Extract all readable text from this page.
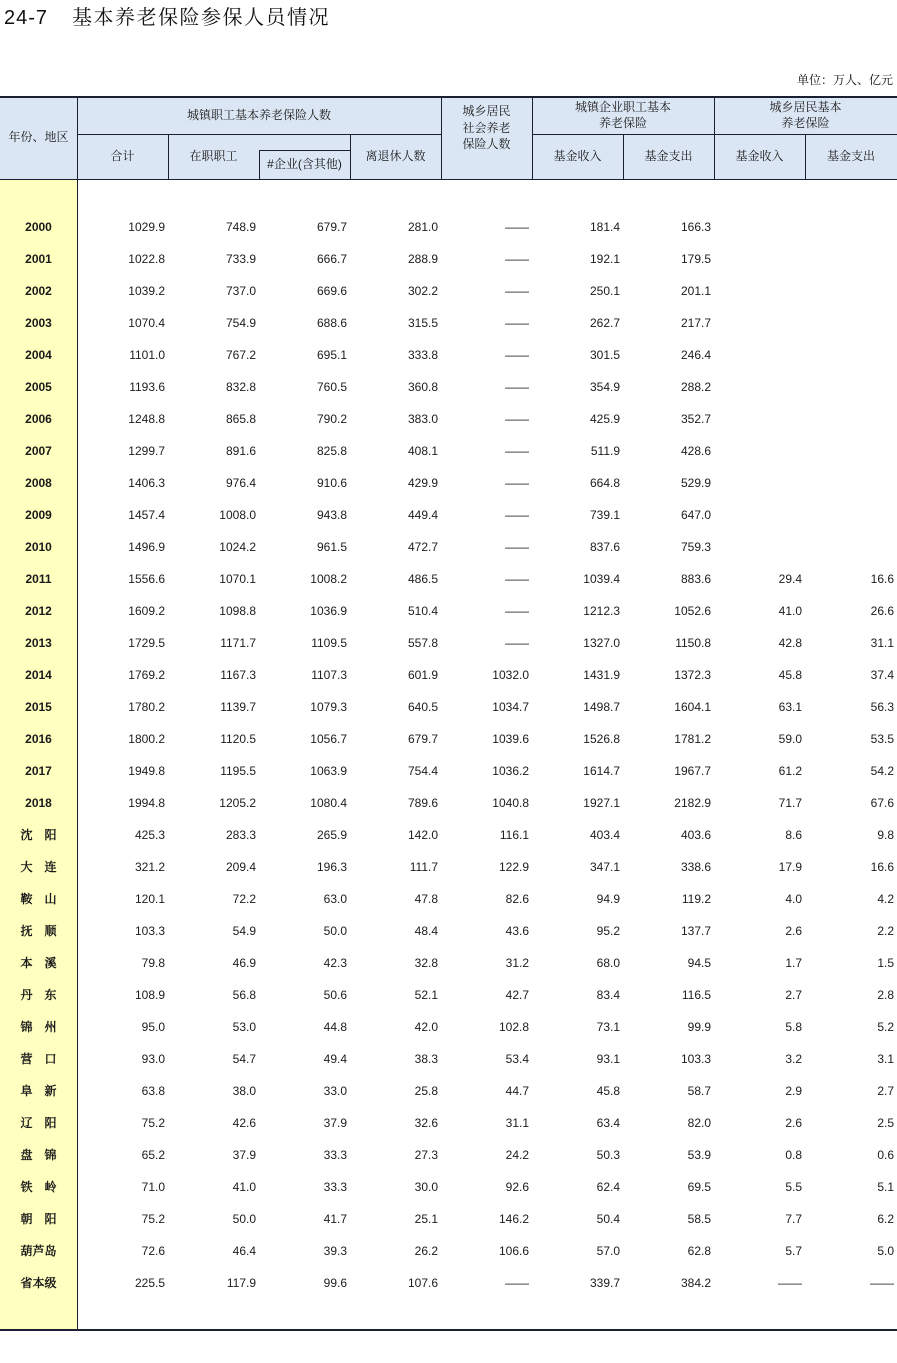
24-7 基本养老保险参保人员情况
单位：万人、亿元
年份、地区
城镇职工基本养老保险人数
合计	在职职工
#企业(含其他)
离退休人数
城乡居民
社会养老
保险人数
城镇企业职工基本
养老保险
基金收入	基金支出
城乡居民基本
养老保险
基金收入	基金支出
2000	1029.9	748.9	679.7	281.0	——	181.4	166.3
2001	1022.8	733.9	666.7	288.9	——	192.1	179.5
2002	1039.2	737.0	669.6	302.2	——	250.1	201.1
2003	1070.4	754.9	688.6	315.5	——	262.7	217.7
2004	1101.0	767.2	695.1	333.8	——	301.5	246.4
2005	1193.6	832.8	760.5	360.8	——	354.9	288.2
2006	1248.8	865.8	790.2	383.0	——	425.9	352.7
2007	1299.7	891.6	825.8	408.1	——	511.9	428.6
2008	1406.3	976.4	910.6	429.9	——	664.8	529.9
2009	1457.4	1008.0	943.8	449.4	——	739.1	647.0
2010	1496.9	1024.2	961.5	472.7	——	837.6	759.3
2011	1556.6	1070.1	1008.2	486.5	——	1039.4	883.6	29.4	16.6
2012	1609.2	1098.8	1036.9	510.4	——	1212.3	1052.6	41.0	26.6
2013	1729.5	1171.7	1109.5	557.8	——	1327.0	1150.8	42.8	31.1
2014	1769.2	1167.3	1107.3	601.9	1032.0	1431.9	1372.3	45.8	37.4
2015	1780.2	1139.7	1079.3	640.5	1034.7	1498.7	1604.1	63.1	56.3
2016	1800.2	1120.5	1056.7	679.7	1039.6	1526.8	1781.2	59.0	53.5
2017	1949.8	1195.5	1063.9	754.4	1036.2	1614.7	1967.7	61.2	54.2
2018	1994.8	1205.2	1080.4	789.6	1040.8	1927.1	2182.9	71.7	67.6
沈　阳	425.3	283.3	265.9	142.0	116.1	403.4	403.6	8.6	9.8
大　连	321.2	209.4	196.3	111.7	122.9	347.1	338.6	17.9	16.6
鞍　山	120.1	72.2	63.0	47.8	82.6	94.9	119.2	4.0	4.2
抚　顺	103.3	54.9	50.0	48.4	43.6	95.2	137.7	2.6	2.2
本　溪	79.8	46.9	42.3	32.8	31.2	68.0	94.5	1.7	1.5
丹　东	108.9	56.8	50.6	52.1	42.7	83.4	116.5	2.7	2.8
锦　州	95.0	53.0	44.8	42.0	102.8	73.1	99.9	5.8	5.2
营　口	93.0	54.7	49.4	38.3	53.4	93.1	103.3	3.2	3.1
阜　新	63.8	38.0	33.0	25.8	44.7	45.8	58.7	2.9	2.7
辽　阳	75.2	42.6	37.9	32.6	31.1	63.4	82.0	2.6	2.5
盘　锦	65.2	37.9	33.3	27.3	24.2	50.3	53.9	0.8	0.6
铁　岭	71.0	41.0	33.3	30.0	92.6	62.4	69.5	5.5	5.1
朝　阳	75.2	50.0	41.7	25.1	146.2	50.4	58.5	7.7	6.2
葫芦岛	72.6	46.4	39.3	26.2	106.6	57.0	62.8	5.7	5.0
省本级	225.5	117.9	99.6	107.6	——	339.7	384.2	——	——
